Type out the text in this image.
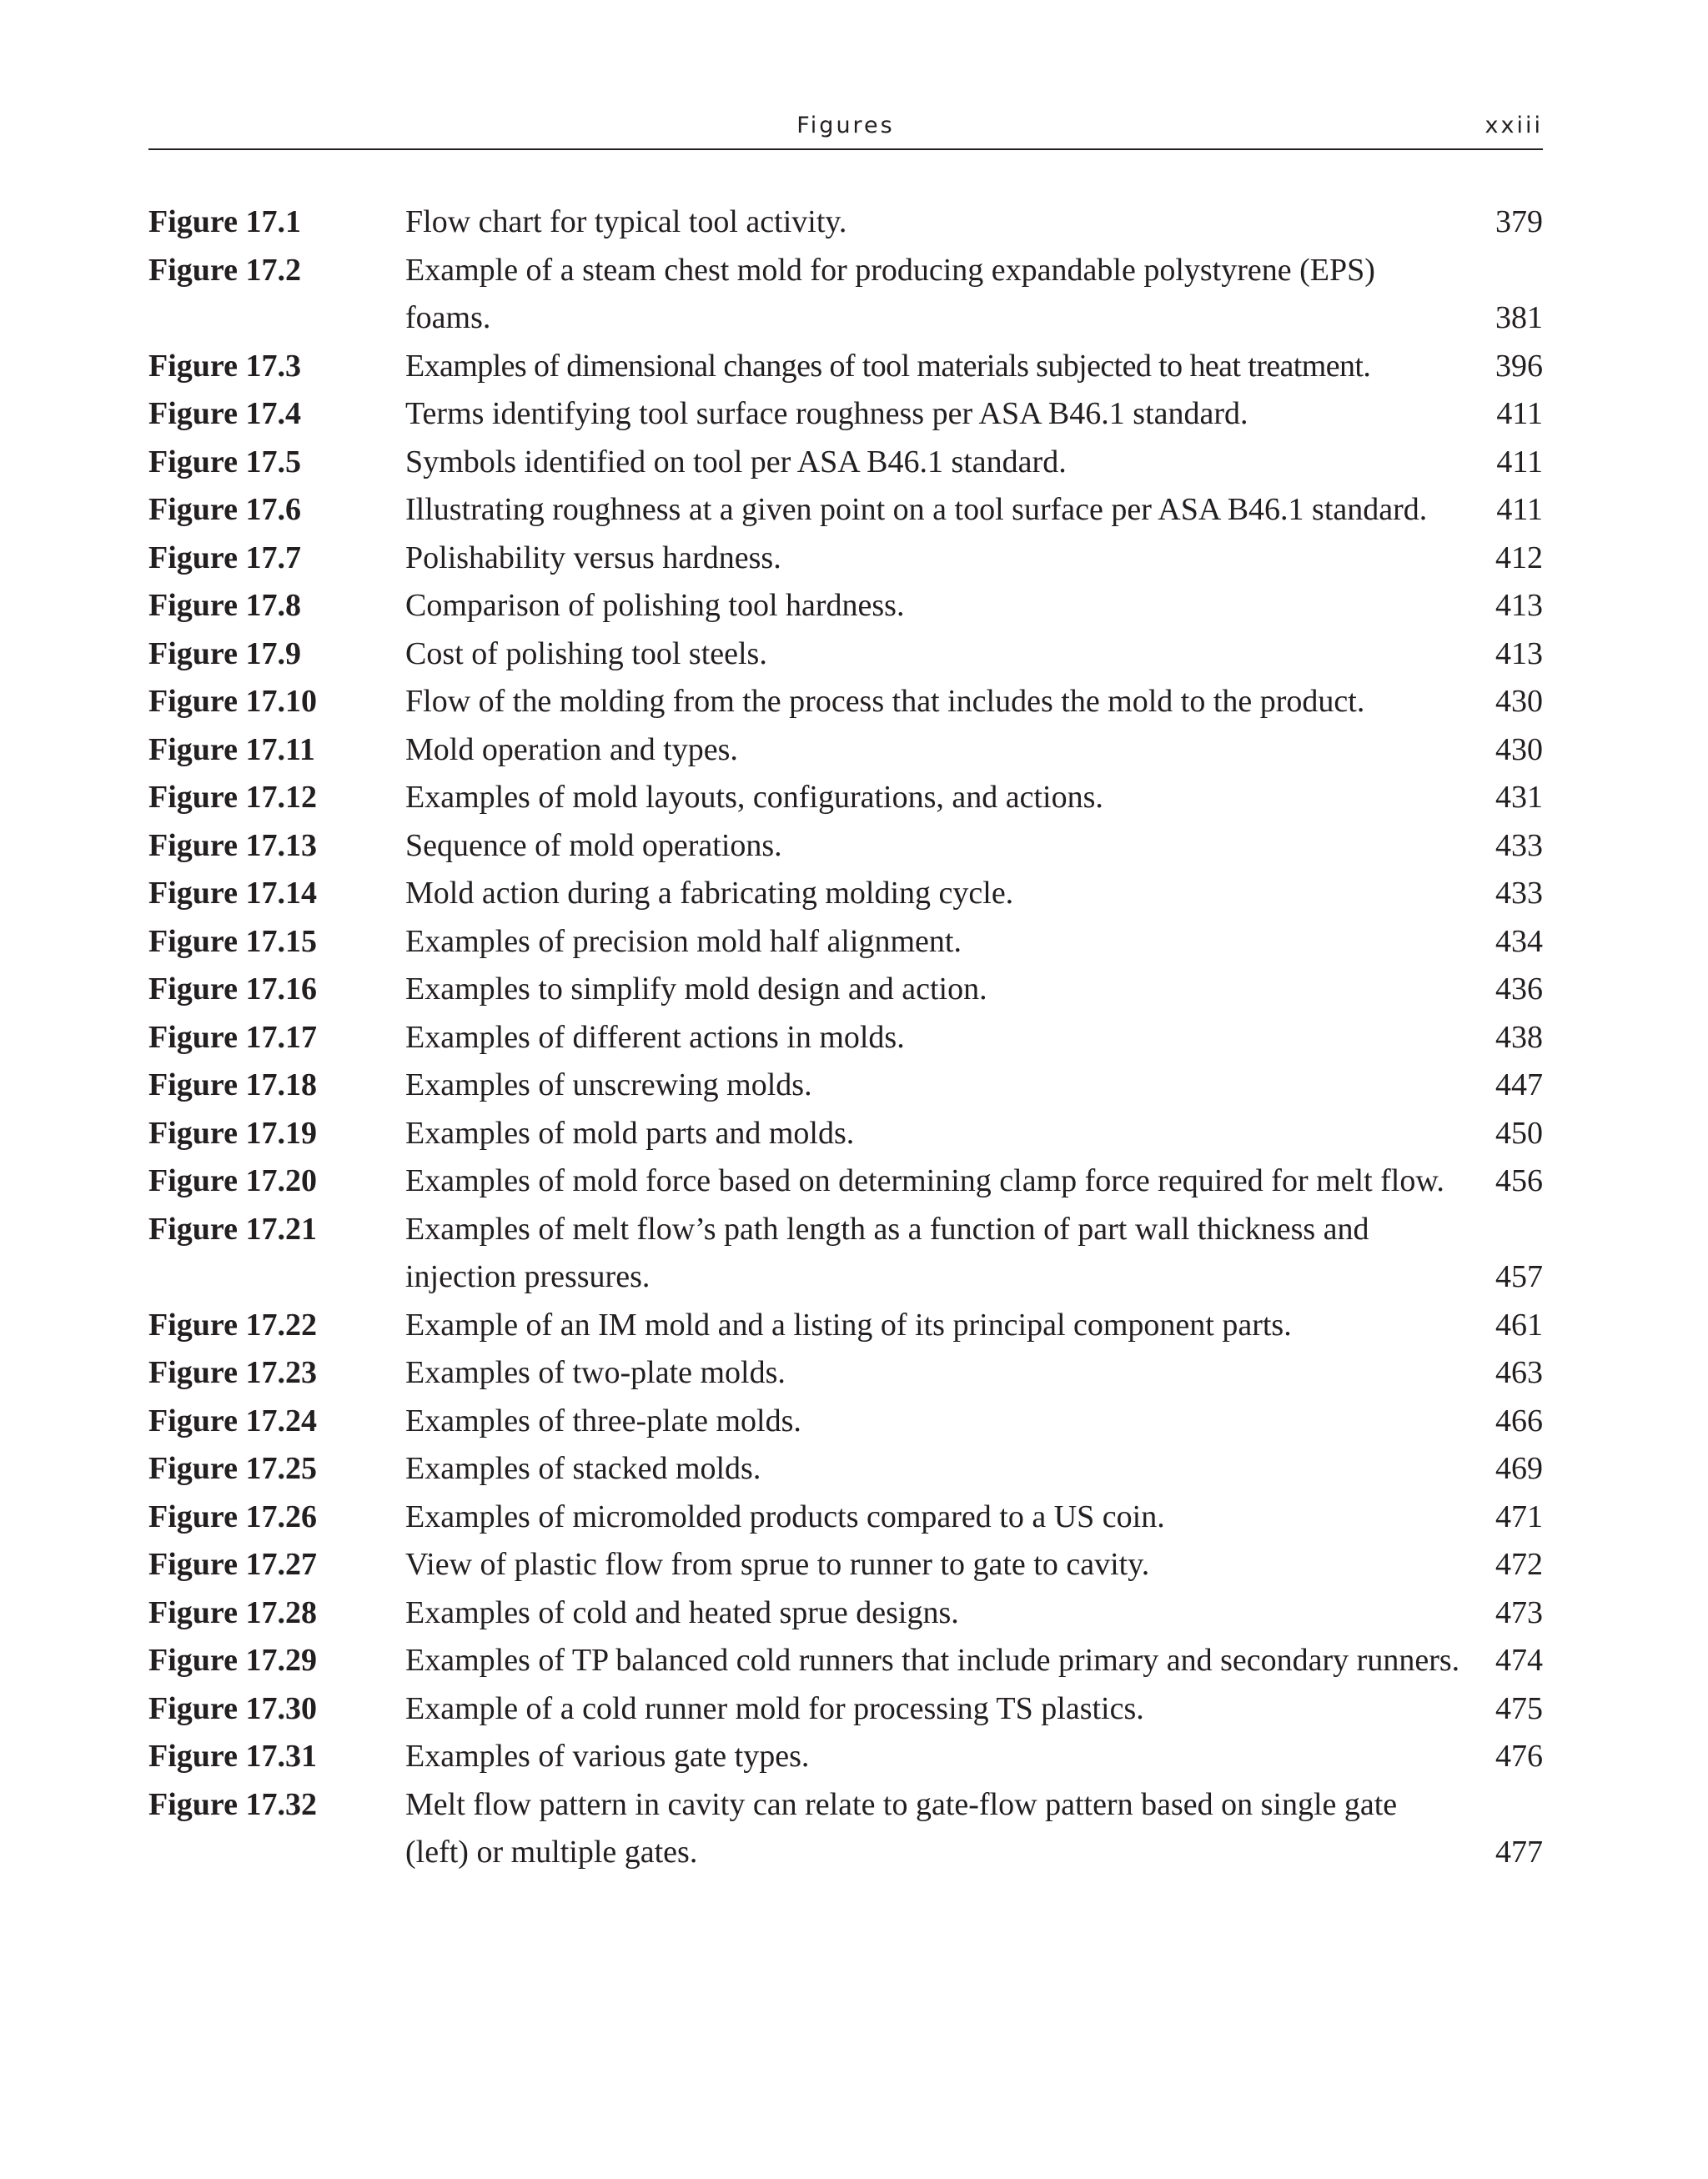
Figures	xxiii
Figure 17.1	Flow chart for typical tool activity.	379
Figure 17.2	Example of a steam chest mold for producing expandable polystyrene (EPS) foams.	381
Figure 17.3	Examples of dimensional changes of tool materials subjected to heat treatment.	396
Figure 17.4	Terms identifying tool surface roughness per ASA B46.1 standard.	411
Figure 17.5	Symbols identified on tool per ASA B46.1 standard.	411
Figure 17.6	Illustrating roughness at a given point on a tool surface per ASA B46.1 standard.	411
Figure 17.7	Polishability versus hardness.	412
Figure 17.8	Comparison of polishing tool hardness.	413
Figure 17.9	Cost of polishing tool steels.	413
Figure 17.10	Flow of the molding from the process that includes the mold to the product.	430
Figure 17.11	Mold operation and types.	430
Figure 17.12	Examples of mold layouts, configurations, and actions.	431
Figure 17.13	Sequence of mold operations.	433
Figure 17.14	Mold action during a fabricating molding cycle.	433
Figure 17.15	Examples of precision mold half alignment.	434
Figure 17.16	Examples to simplify mold design and action.	436
Figure 17.17	Examples of different actions in molds.	438
Figure 17.18	Examples of unscrewing molds.	447
Figure 17.19	Examples of mold parts and molds.	450
Figure 17.20	Examples of mold force based on determining clamp force required for melt flow.	456
Figure 17.21	Examples of melt flow’s path length as a function of part wall thickness and injection pressures.	457
Figure 17.22	Example of an IM mold and a listing of its principal component parts.	461
Figure 17.23	Examples of two-plate molds.	463
Figure 17.24	Examples of three-plate molds.	466
Figure 17.25	Examples of stacked molds.	469
Figure 17.26	Examples of micromolded products compared to a US coin.	471
Figure 17.27	View of plastic flow from sprue to runner to gate to cavity.	472
Figure 17.28	Examples of cold and heated sprue designs.	473
Figure 17.29	Examples of TP balanced cold runners that include primary and secondary runners.	474
Figure 17.30	Example of a cold runner mold for processing TS plastics.	475
Figure 17.31	Examples of various gate types.	476
Figure 17.32	Melt flow pattern in cavity can relate to gate-flow pattern based on single gate (left) or multiple gates.	477
